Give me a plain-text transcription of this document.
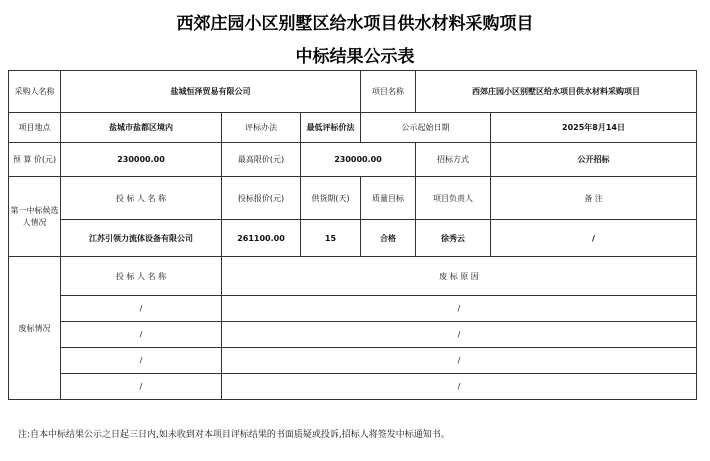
西郊庄园小区别墅区给水项目供水材料采购项目
中标结果公示表
采购人名称	盐城恒泽贸易有限公司			项目名称	西郊庄园小区别墅区给水项目供水材料采购项目	
项目地点	盐城市盐都区境内	评标办法	最低评标价法	公示起始日期		2025年8月14日
预 算 价(元)	230000.00	最高限价(元)	230000.00		招标方式	公开招标
第一中标候选人情况	投 标 人 名 称	投标报价(元)	供货期(天)	质量目标	项目负责人	备 注
	江苏引领力流体设备有限公司	261100.00	15	合格	徐秀云	/
废标情况	投 标 人 名 称	废 标 原 因				
	/	/				
	/	/				
	/	/				
	/	/				
注:自本中标结果公示之日起三日内,如未收到对本项目评标结果的书面质疑或投诉,招标人将签发中标通知书。
